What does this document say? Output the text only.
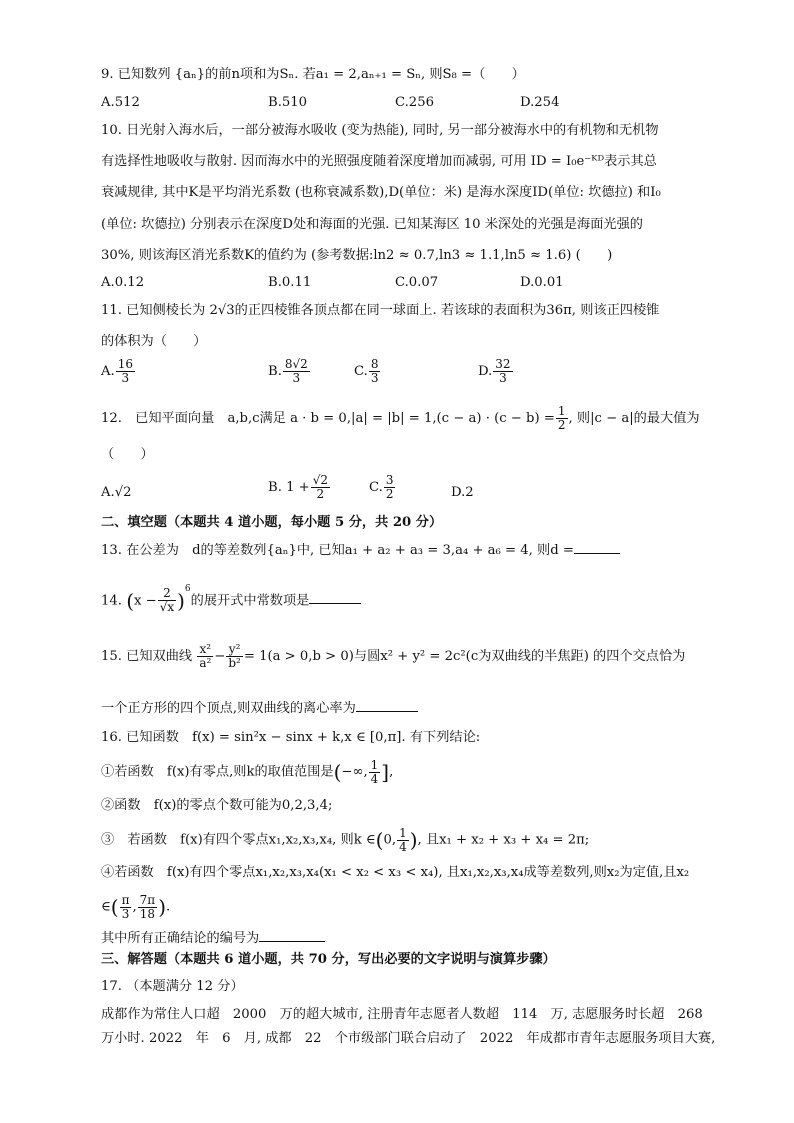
9. 已知数列 {aₙ}的前n项和为Sₙ. 若a₁ = 2,aₙ₊₁ = Sₙ, 则S₈ =（　　）
A.512	B.510	C.256	D.254
10. 日光射入海水后，一部分被海水吸收 (变为热能), 同时, 另一部分被海水中的有机物和无机物
有选择性地吸收与散射. 因而海水中的光照强度随着深度增加而减弱, 可用 ID = I₀e⁻ᴷᴰ表示其总
衰减规律, 其中K是平均消光系数 (也称衰减系数),D(单位：米) 是海水深度ID(单位: 坎德拉) 和I₀
(单位: 坎德拉) 分别表示在深度D处和海面的光强. 已知某海区 10 米深处的光强是海面光强的
30%, 则该海区消光系数K的值约为 (参考数据:ln2 ≈ 0.7,ln3 ≈ 1.1,ln5 ≈ 1.6) (　　)
A.0.12	B.0.11	C.0.07	D.0.01
11. 已知侧棱长为 2√3的正四棱锥各顶点都在同一球面上. 若该球的表面积为36π, 则该正四棱锥
的体积为（　　）
A. $\frac{16}{3}$	B. $\frac{8√2}{3}$	C. $\frac{8}{3}$	D. $\frac{32}{3}$
12.　已知平面向量　a,b,c满足 $a \cdot b = 0,|a| = |b| = 1,(c - a) \cdot (c - b) = \frac{1}{2}$ , 则|c − a|的最大值为
（　　）
A.√2	B. $1 + \frac{√2}{2}$	C. $\frac{3}{2}$	D.2
二、填空题（本题共 4 道小题，每小题 5 分，共 20 分）
13. 在公差为　d的等差数列{aₙ}中, 已知a₁ + a₂ + a₃ = 3,a₄ + a₆ = 4, 则d =
14. $(x - \frac{2}{√x} )^6$的展开式中常数项是
15. 已知双曲线 $\frac{\text{x²}}{\text{a²}} - \frac{\text{y²}}{\text{b²}} = 1(a > 0,b > 0)$与圆x² + y² = 2c²(c为双曲线的半焦距) 的四个交点恰为
一个正方形的四个顶点,则双曲线的离心率为
16. 已知函数　f(x) = sin²x − sinx + k,x ∈ [0,π]. 有下列结论:
①若函数　f(x)有零点,则k的取值范围是(−∞, $\frac{1}{4}$ ],
②函数　f(x)的零点个数可能为0,2,3,4;
③　若函数　f(x)有四个零点x₁,x₂,x₃,x₄, 则k ∈(0, $\frac{1}{4}$ ), 且x₁ + x₂ + x₃ + x₄ = 2π;
④若函数　f(x)有四个零点x₁,x₂,x₃,x₄(x₁ < x₂ < x₃ < x₄), 且x₁,x₂,x₃,x₄成等差数列,则x₂为定值,且x₂
∈( $\frac{\pi}{3}$ , $\frac{7\pi}{18}$ ).
其中所有正确结论的编号为
三、解答题（本题共 6 道小题，共 70 分，写出必要的文字说明与演算步骤）
17. （本题满分 12 分）
成都作为常住人口超　2000　万的超大城市, 注册青年志愿者人数超　114　万, 志愿服务时长超　268
万小时. 2022　年　6　月, 成都　22　个市级部门联合启动了　2022　年成都市青年志愿服务项目大赛,
